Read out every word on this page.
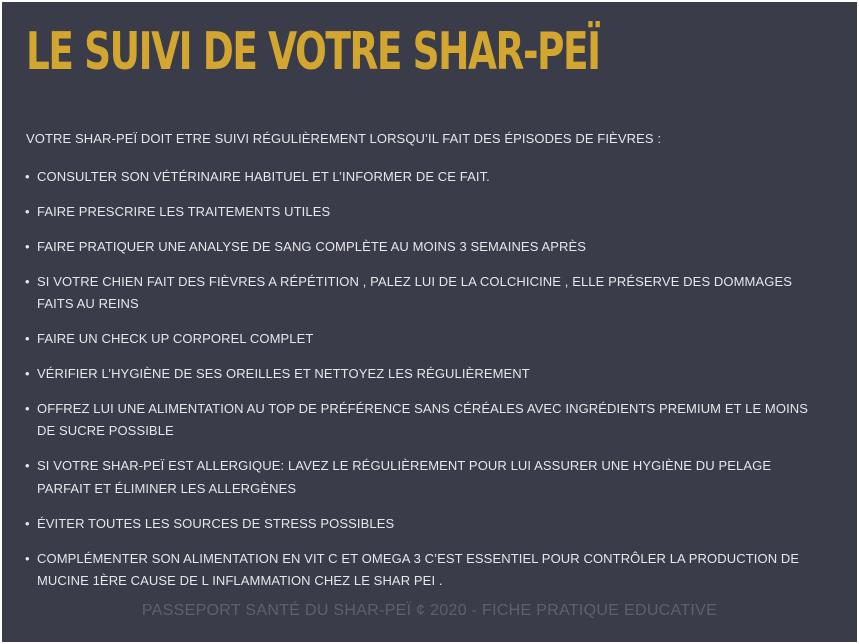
LE SUIVI DE VOTRE SHAR-PEÏ

VOTRE SHAR-PEÏ DOIT ETRE SUIVI RÉGULIÈREMENT LORSQU’IL FAIT DES ÉPISODES DE FIÈVRES :

• CONSULTER SON VÉTÉRINAIRE HABITUEL ET L’INFORMER DE CE FAIT.
• FAIRE PRESCRIRE LES TRAITEMENTS UTILES
• FAIRE PRATIQUER UNE ANALYSE DE SANG COMPLÈTE AU MOINS 3 SEMAINES APRÈS
• SI VOTRE CHIEN FAIT DES FIÈVRES A RÉPÉTITION , PALEZ LUI DE LA COLCHICINE , ELLE PRÉSERVE DES DOMMAGES FAITS AU REINS
• FAIRE UN CHECK UP CORPOREL COMPLET
• VÉRIFIER L’HYGIÈNE DE SES OREILLES ET NETTOYEZ LES RÉGULIÈREMENT
• OFFREZ LUI UNE ALIMENTATION AU TOP DE PRÉFÉRENCE SANS CÉRÉALES AVEC INGRÉDIENTS PREMIUM ET LE MOINS DE SUCRE POSSIBLE
• SI VOTRE SHAR-PEÏ EST ALLERGIQUE: LAVEZ LE RÉGULIÈREMENT POUR LUI ASSURER UNE HYGIÈNE DU PELAGE PARFAIT ET ÉLIMINER LES ALLERGÈNES
• ÉVITER TOUTES LES SOURCES DE STRESS POSSIBLES
• COMPLÉMENTER SON ALIMENTATION EN VIT C ET OMEGA 3 C’EST ESSENTIEL POUR CONTRÔLER LA PRODUCTION DE MUCINE 1ÈRE CAUSE DE L INFLAMMATION CHEZ LE SHAR PEI .
PASSEPORT SANTÉ DU SHAR-PEÏ ¢ 2020 - FICHE PRATIQUE EDUCATIVE
